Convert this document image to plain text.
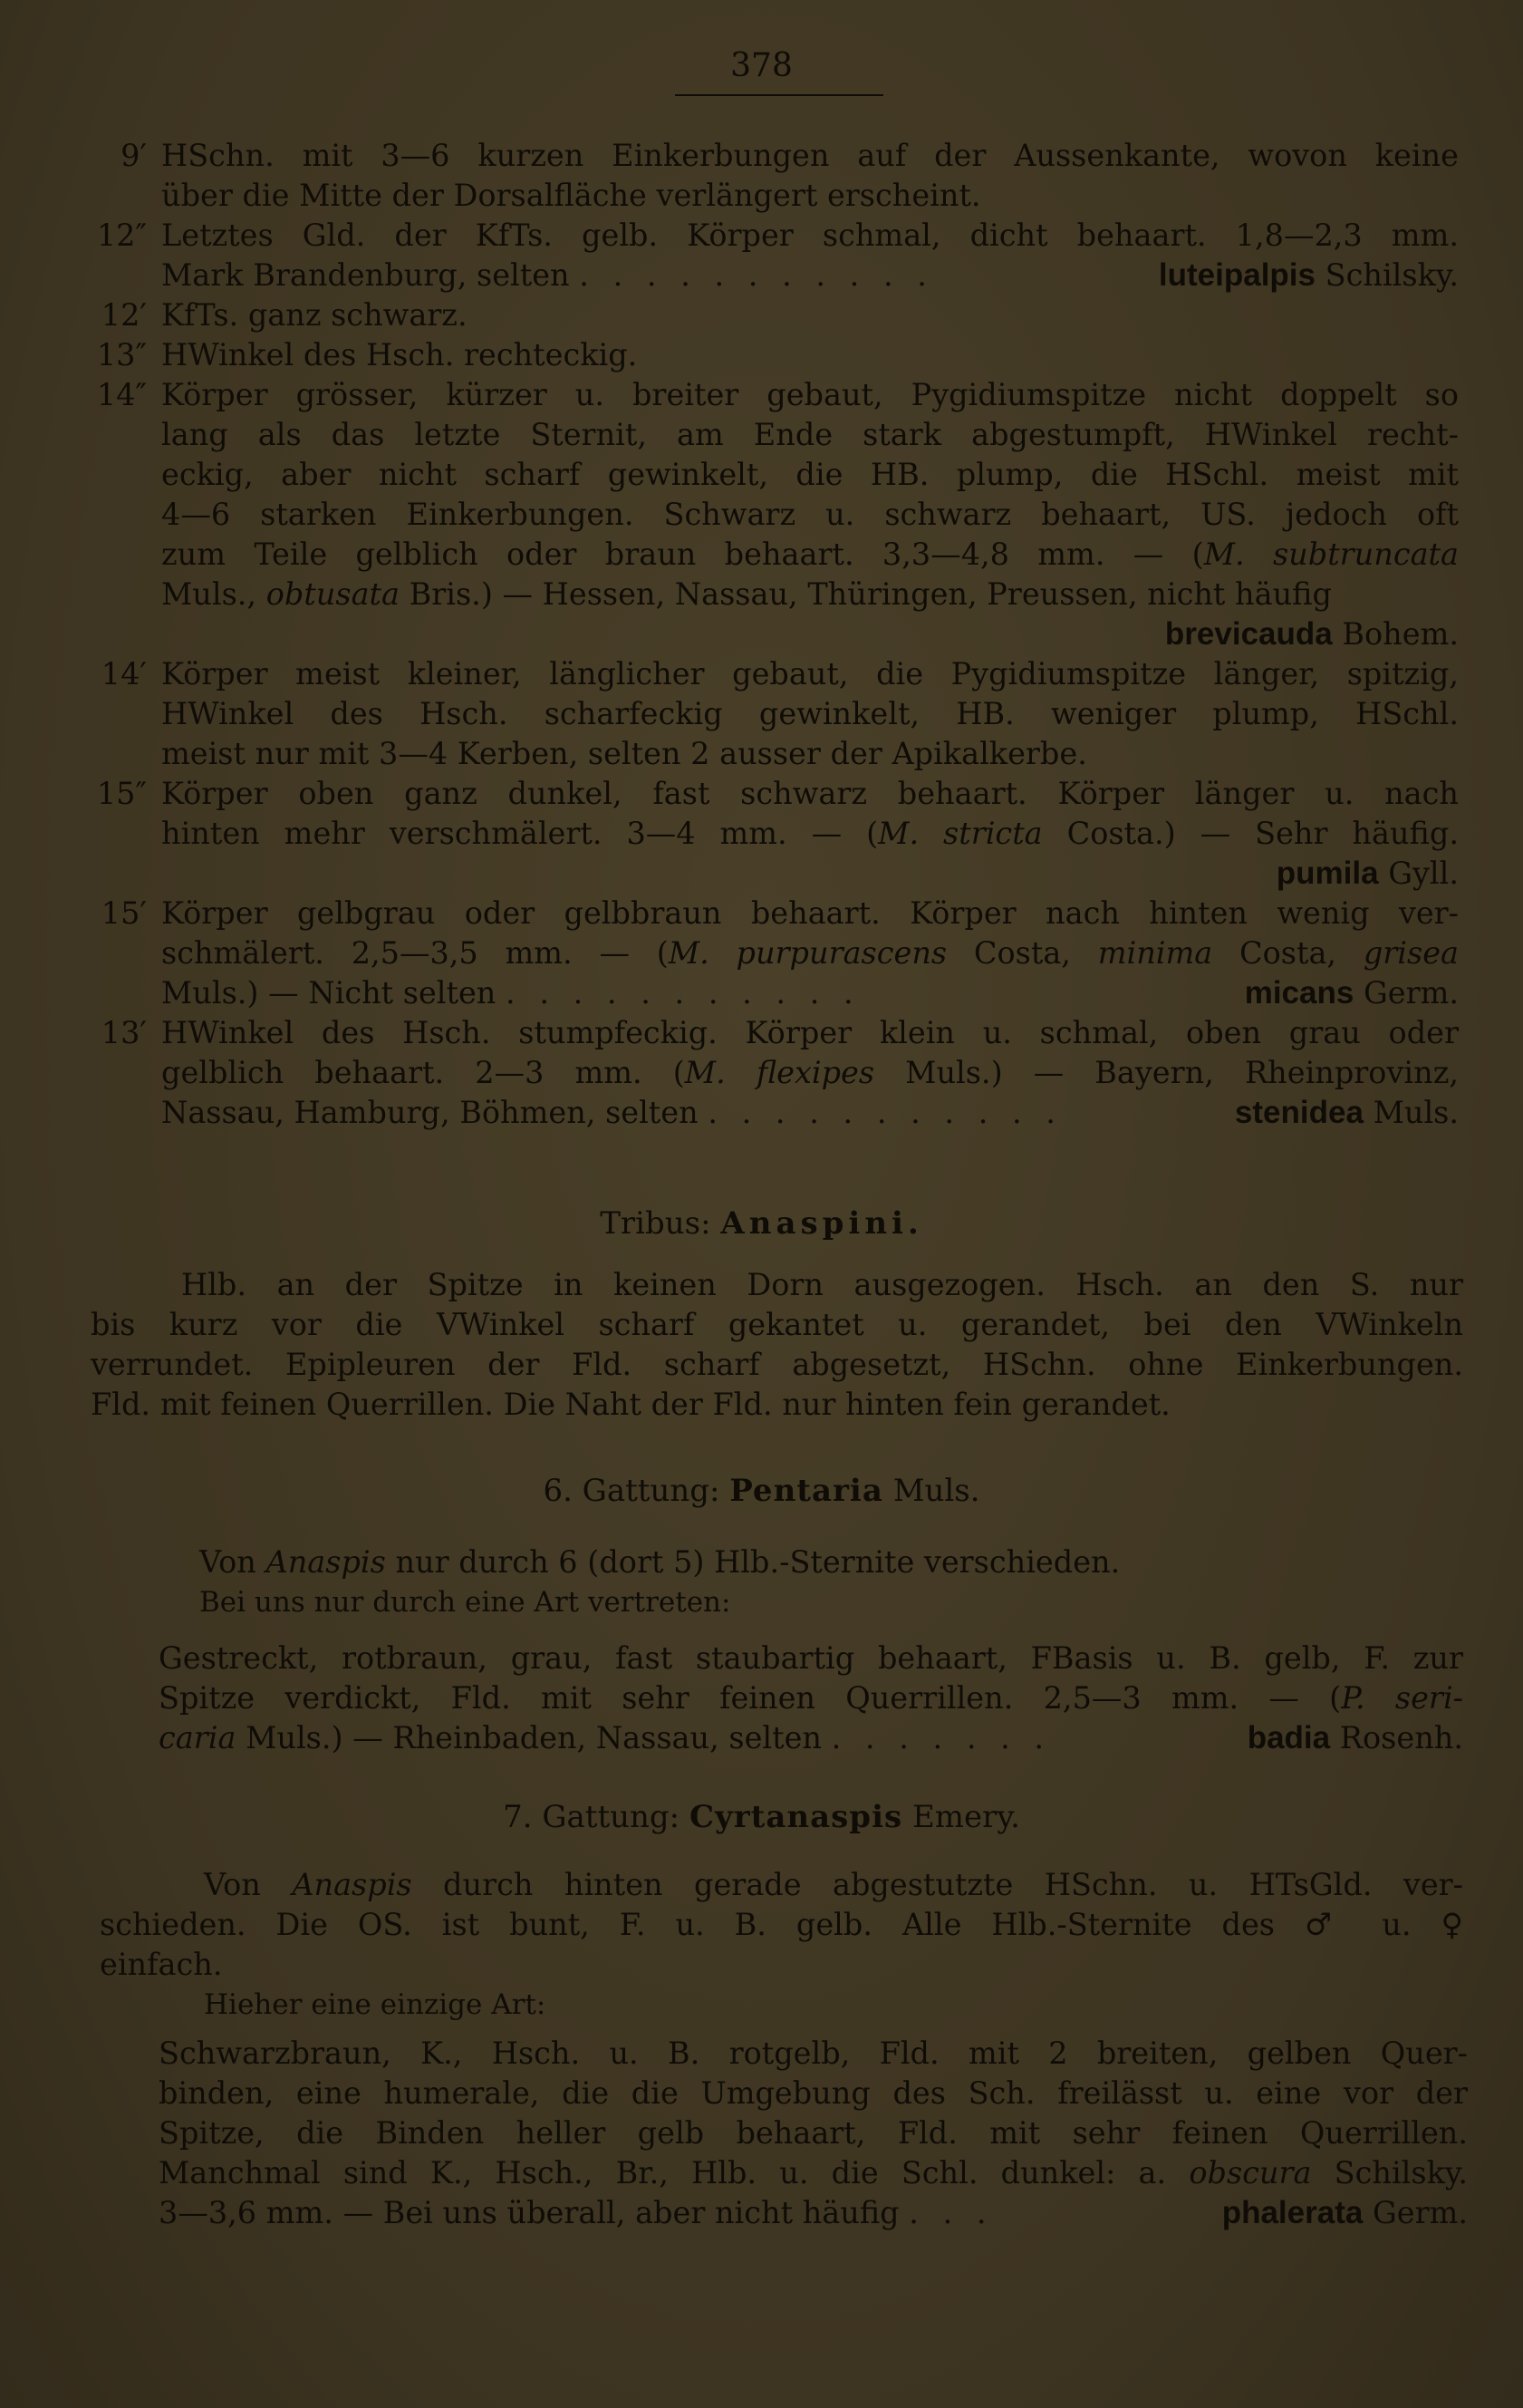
378
9′ HSchn. mit 3—6 kurzen Einkerbungen auf der Aussenkante, wovon keine
über die Mitte der Dorsalfläche verlängert erscheint.
12″ Letztes Gld. der KfTs. gelb. Körper schmal, dicht behaart. 1,8—2,3 mm.
Mark Brandenburg, selten . . . . . . . . . . .	luteipalpis Schilsky.
12′ KfTs. ganz schwarz.
13″ HWinkel des Hsch. rechteckig.
14″ Körper grösser, kürzer u. breiter gebaut, Pygidiumspitze nicht doppelt so
lang als das letzte Sternit, am Ende stark abgestumpft, HWinkel recht-
eckig, aber nicht scharf gewinkelt, die HB. plump, die HSchl. meist mit
4—6 starken Einkerbungen. Schwarz u. schwarz behaart, US. jedoch oft
zum Teile gelblich oder braun behaart. 3,3—4,8 mm. — (M. subtruncata
Muls., obtusata Bris.) — Hessen, Nassau, Thüringen, Preussen, nicht häufig
brevicauda Bohem.
14′ Körper meist kleiner, länglicher gebaut, die Pygidiumspitze länger, spitzig,
HWinkel des Hsch. scharfeckig gewinkelt, HB. weniger plump, HSchl.
meist nur mit 3—4 Kerben, selten 2 ausser der Apikalkerbe.
15″ Körper oben ganz dunkel, fast schwarz behaart. Körper länger u. nach
hinten mehr verschmälert. 3—4 mm. — (M. stricta Costa.) — Sehr häufig.
pumila Gyll.
15′ Körper gelbgrau oder gelbbraun behaart. Körper nach hinten wenig ver-
schmälert. 2,5—3,5 mm. — (M. purpurascens Costa, minima Costa, grisea
Muls.) — Nicht selten . . . . . . . . . . .	micans Germ.
13′ HWinkel des Hsch. stumpfeckig. Körper klein u. schmal, oben grau oder
gelblich behaart. 2—3 mm. (M. flexipes Muls.) — Bayern, Rheinprovinz,
Nassau, Hamburg, Böhmen, selten . . . . . . . . . . .	stenidea Muls.
Tribus: Anaspini.
Hlb. an der Spitze in keinen Dorn ausgezogen. Hsch. an den S. nur
bis kurz vor die VWinkel scharf gekantet u. gerandet, bei den VWinkeln
verrundet. Epipleuren der Fld. scharf abgesetzt, HSchn. ohne Einkerbungen.
Fld. mit feinen Querrillen. Die Naht der Fld. nur hinten fein gerandet.
6. Gattung: Pentaria Muls.
Von Anaspis nur durch 6 (dort 5) Hlb.-Sternite verschieden.
Bei uns nur durch eine Art vertreten:
Gestreckt, rotbraun, grau, fast staubartig behaart, FBasis u. B. gelb, F. zur
Spitze verdickt, Fld. mit sehr feinen Querrillen. 2,5—3 mm. — (P. seri-
caria Muls.) — Rheinbaden, Nassau, selten . . . . . . .	badia Rosenh.
7. Gattung: Cyrtanaspis Emery.
Von Anaspis durch hinten gerade abgestutzte HSchn. u. HTsGld. ver-
schieden. Die OS. ist bunt, F. u. B. gelb. Alle Hlb.-Sternite des ♂ u. ♀
einfach.
Hieher eine einzige Art:
Schwarzbraun, K., Hsch. u. B. rotgelb, Fld. mit 2 breiten, gelben Quer-
binden, eine humerale, die die Umgebung des Sch. freilässt u. eine vor der
Spitze, die Binden heller gelb behaart, Fld. mit sehr feinen Querrillen.
Manchmal sind K., Hsch., Br., Hlb. u. die Schl. dunkel: a. obscura Schilsky.
3—3,6 mm. — Bei uns überall, aber nicht häufig . . .	phalerata Germ.
